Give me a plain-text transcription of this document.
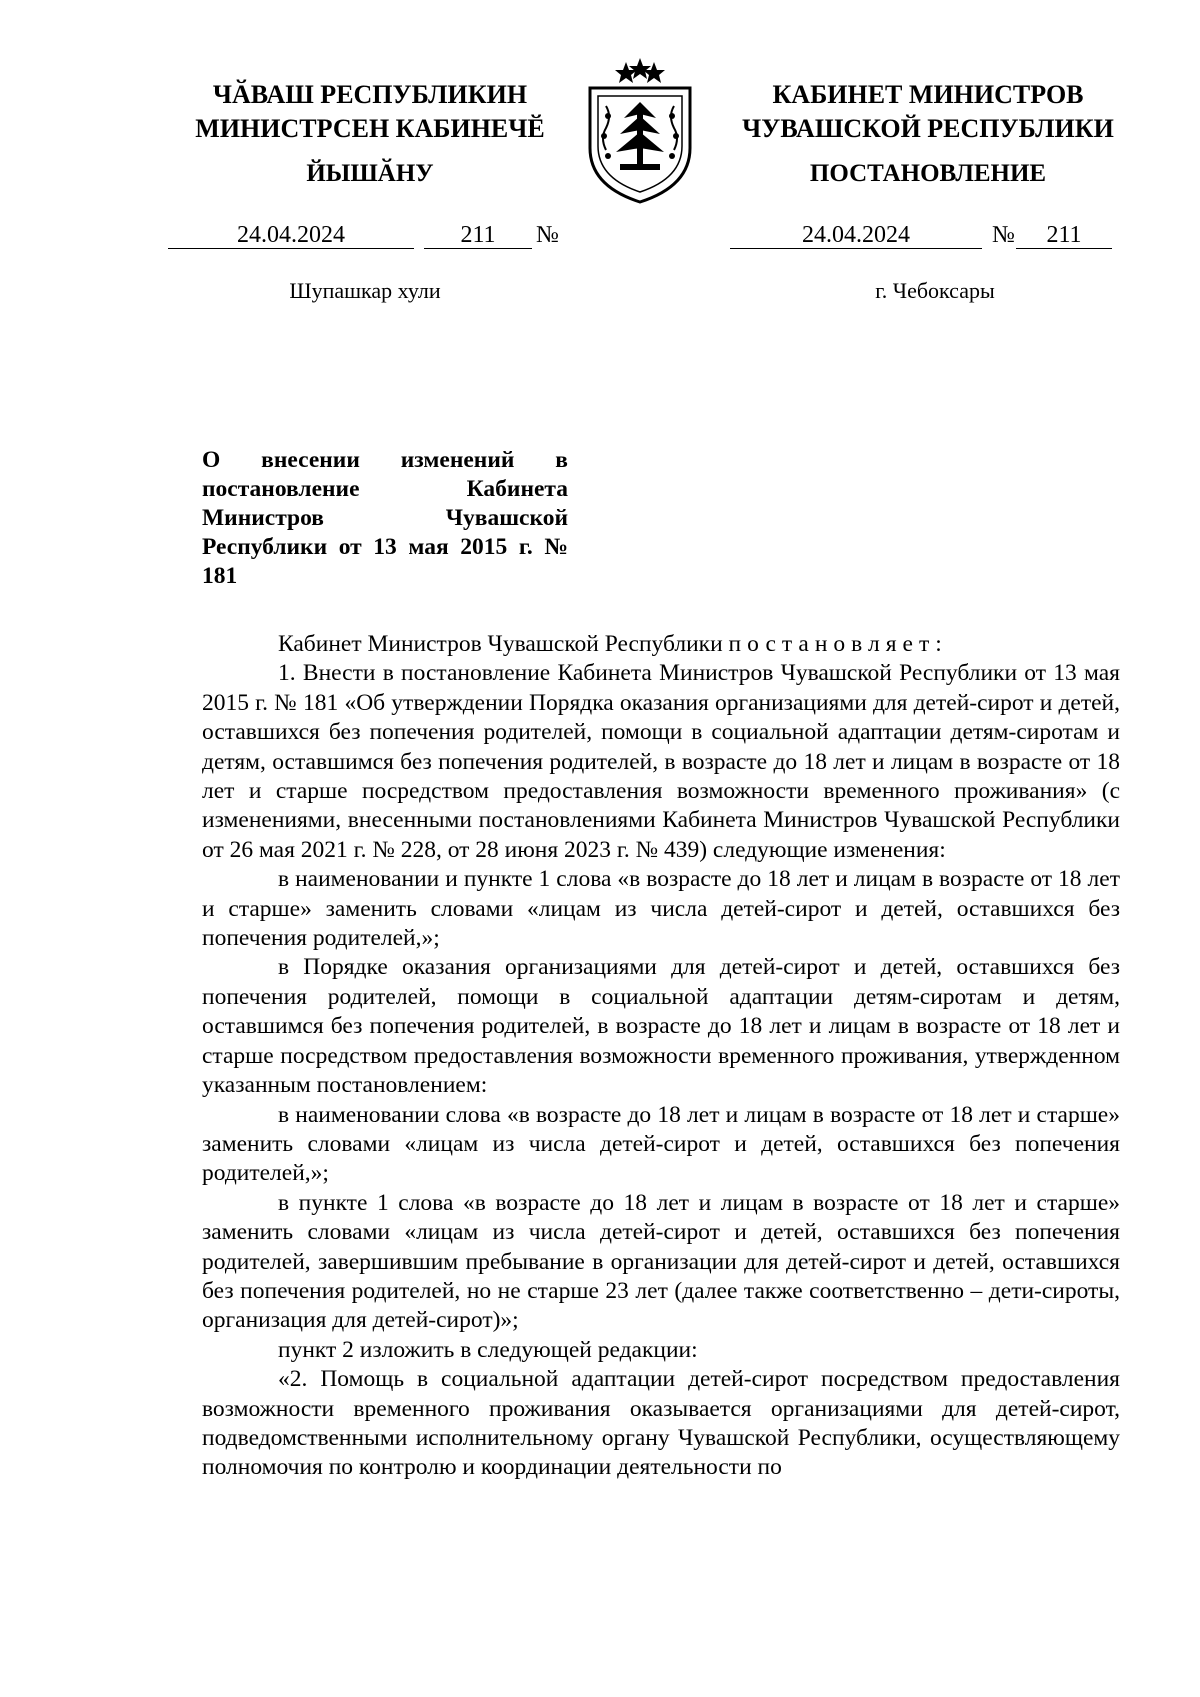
ЧӐВАШ РЕСПУБЛИКИН
МИНИСТРСЕН КАБИНЕЧӖ
ЙЫШӐНУ
КАБИНЕТ МИНИСТРОВ
ЧУВАШСКОЙ РЕСПУБЛИКИ
ПОСТАНОВЛЕНИЕ
24.04.2024	211	№	24.04.2024	№	211
Шупашкар хули	г. Чебоксары
О внесении изменений в постановление Кабинета Министров Чувашской Республики от 13 мая 2015 г. № 181

Кабинет Министров Чувашской Республики постановляет:

1. Внести в постановление Кабинета Министров Чувашской Республики от 13 мая 2015 г. № 181 «Об утверждении Порядка оказания организациями для детей-сирот и детей, оставшихся без попечения родителей, помощи в социальной адаптации детям-сиротам и детям, оставшимся без попечения родителей, в возрасте до 18 лет и лицам в возрасте от 18 лет и старше посредством предоставления возможности временного проживания» (с изменениями, внесенными постановлениями Кабинета Министров Чувашской Республики от 26 мая 2021 г. № 228, от 28 июня 2023 г. № 439) следующие изменения:

в наименовании и пункте 1 слова «в возрасте до 18 лет и лицам в возрасте от 18 лет и старше» заменить словами «лицам из числа детей-сирот и детей, оставшихся без попечения родителей,»;

в Порядке оказания организациями для детей-сирот и детей, оставшихся без попечения родителей, помощи в социальной адаптации детям-сиротам и детям, оставшимся без попечения родителей, в возрасте до 18 лет и лицам в возрасте от 18 лет и старше посредством предоставления возможности временного проживания, утвержденном указанным постановлением:

в наименовании слова «в возрасте до 18 лет и лицам в возрасте от 18 лет и старше» заменить словами «лицам из числа детей-сирот и детей, оставшихся без попечения родителей,»;

в пункте 1 слова «в возрасте до 18 лет и лицам в возрасте от 18 лет и старше» заменить словами «лицам из числа детей-сирот и детей, оставшихся без попечения родителей, завершившим пребывание в организации для детей-сирот и детей, оставшихся без попечения родителей, но не старше 23 лет (далее также соответственно – дети-сироты, организация для детей-сирот)»;

пункт 2 изложить в следующей редакции:

«2. Помощь в социальной адаптации детей-сирот посредством предоставления возможности временного проживания оказывается организациями для детей-сирот, подведомственными исполнительному органу Чувашской Республики, осуществляющему полномочия по контролю и координации деятельности по
